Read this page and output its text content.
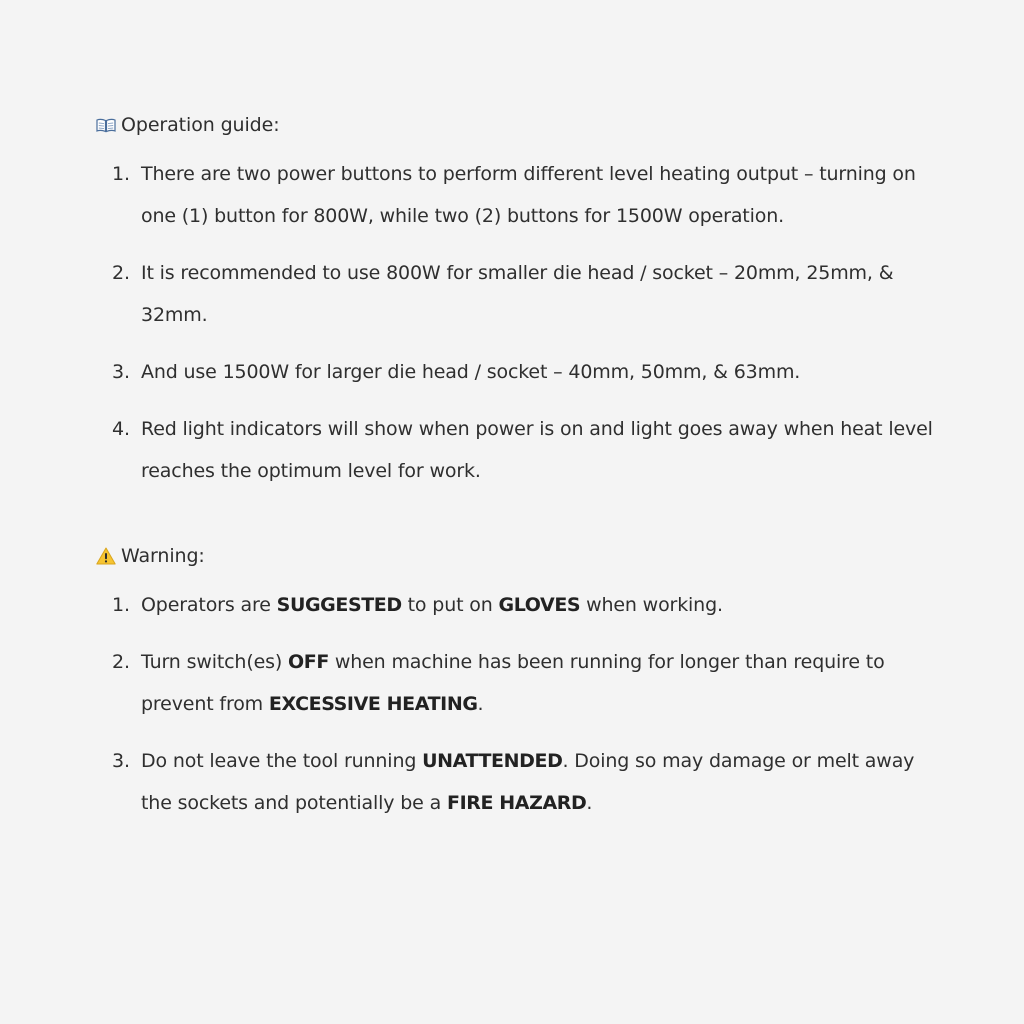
Operation guide:

1. There are two power buttons to perform different level heating output – turning on one (1) button for 800W, while two (2) buttons for 1500W operation.
2. It is recommended to use 800W for smaller die head / socket – 20mm, 25mm, & 32mm.
3. And use 1500W for larger die head / socket – 40mm, 50mm, & 63mm.
4. Red light indicators will show when power is on and light goes away when heat level reaches the optimum level for work.

Warning:

1. Operators are SUGGESTED to put on GLOVES when working.
2. Turn switch(es) OFF when machine has been running for longer than require to prevent from EXCESSIVE HEATING.
3. Do not leave the tool running UNATTENDED. Doing so may damage or melt away the sockets and potentially be a FIRE HAZARD.
